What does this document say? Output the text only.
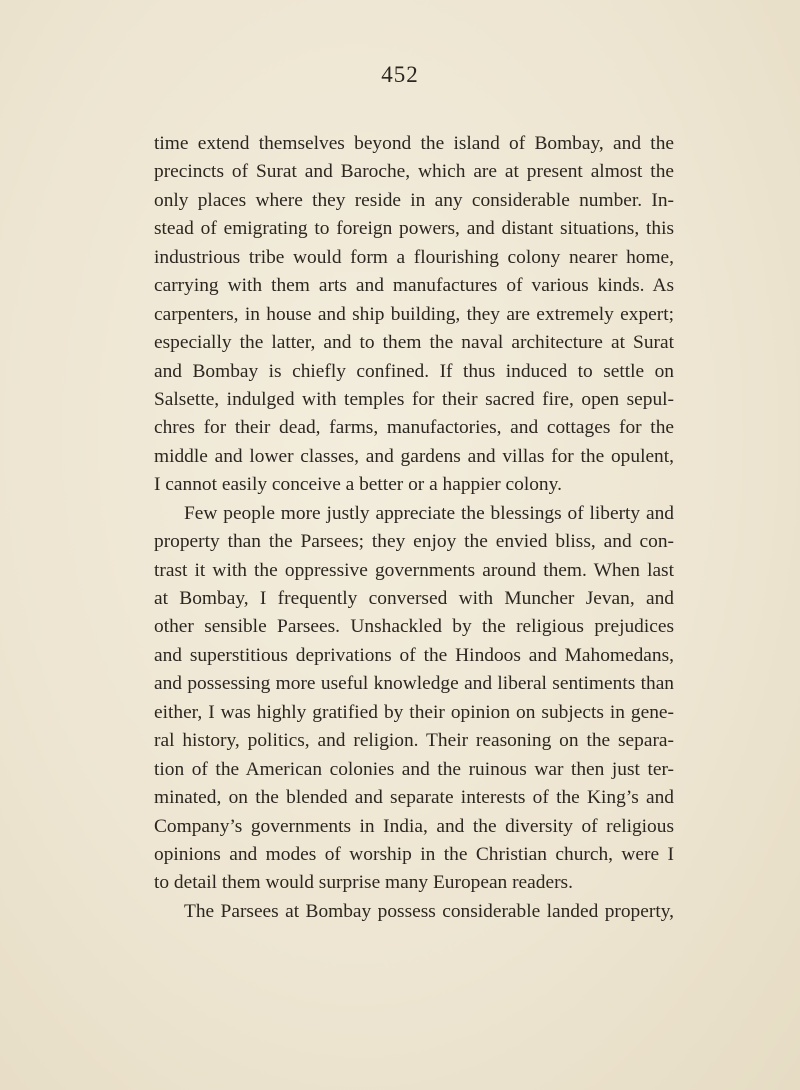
452
time extend themselves beyond the island of Bombay, and the
precincts of Surat and Baroche, which are at present almost the
only places where they reside in any considerable number. In-
stead of emigrating to foreign powers, and distant situations, this
industrious tribe would form a flourishing colony nearer home,
carrying with them arts and manufactures of various kinds. As
carpenters, in house and ship building, they are extremely expert;
especially the latter, and to them the naval architecture at Surat
and Bombay is chiefly confined. If thus induced to settle on
Salsette, indulged with temples for their sacred fire, open sepul-
chres for their dead, farms, manufactories, and cottages for the
middle and lower classes, and gardens and villas for the opulent,
I cannot easily conceive a better or a happier colony.
Few people more justly appreciate the blessings of liberty and
property than the Parsees; they enjoy the envied bliss, and con-
trast it with the oppressive governments around them. When last
at Bombay, I frequently conversed with Muncher Jevan, and
other sensible Parsees. Unshackled by the religious prejudices
and superstitious deprivations of the Hindoos and Mahomedans,
and possessing more useful knowledge and liberal sentiments than
either, I was highly gratified by their opinion on subjects in gene-
ral history, politics, and religion. Their reasoning on the separa-
tion of the American colonies and the ruinous war then just ter-
minated, on the blended and separate interests of the King’s and
Company’s governments in India, and the diversity of religious
opinions and modes of worship in the Christian church, were I
to detail them would surprise many European readers.
The Parsees at Bombay possess considerable landed property,
